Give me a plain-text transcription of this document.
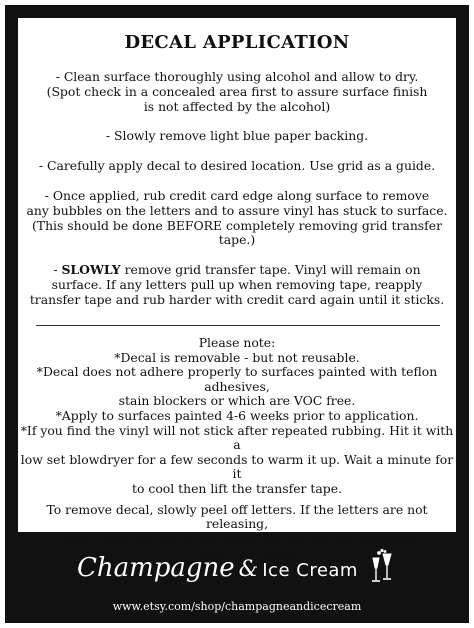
DECAL APPLICATION

- Clean surface thoroughly using alcohol and allow to dry.
(Spot check in a concealed area first to assure surface finish
is not affected by the alcohol)

- Slowly remove light blue paper backing.

- Carefully apply decal to desired location. Use grid as a guide.

- Once applied, rub credit card edge along surface to remove
any bubbles on the letters and to assure vinyl has stuck to surface.
(This should be done BEFORE completely removing grid transfer tape.)

- SLOWLY remove grid transfer tape. Vinyl will remain on
surface. If any letters pull up when removing tape, reapply
transfer tape and rub harder with credit card again until it sticks.

Please note:
*Decal is removable - but not reusable.
*Decal does not adhere properly to surfaces painted with teflon adhesives,
stain blockers or which are VOC free.
*Apply to surfaces painted 4-6 weeks prior to application.
*If you find the vinyl will not stick after repeated rubbing. Hit it with a
low set blowdryer for a few seconds to warm it up. Wait a minute for it
to cool then lift the transfer tape.
To remove decal, slowly peel off letters. If the letters are not releasing,
warm them up with a hair dryer on low and the adhesive
will begin to release.
Champagne & Ice Cream
www.etsy.com/shop/champagneandicecream
